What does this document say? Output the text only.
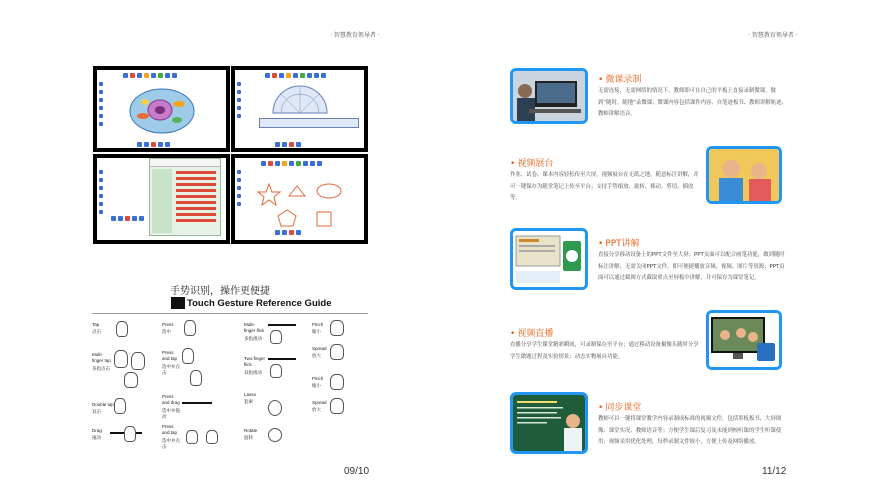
· 智慧教育领导者 ·
手势识别，操作更便捷
Touch Gesture Reference Guide
Tap
点击
Multi-finger tap
多指点击
Double tap
双击
Drag
拖动
Press
选中
Press and tap
选中并点击
Press and drag
选中并拖动
Press and tap
选中并点击
Multi-finger flick
多指滑动
Two-finger flick
双指滑动
Lasso
套索
Rotate
旋转
Pinch
缩小
Spread
放大
Pinch
缩小
Spread
放大
09/10
· 智慧教育领导者 ·
• 微课录制
无需连接，无需网络的情况下，教师即可在自己的平板上直接录制微课，做到“随时，随地”录微课；微课内容包括课件内容、自笔迹板书、教师讲解轨迹、教师讲解语音。
• 视频展台
作业、试卷、课本内容轻松传至大屏，视频展台在无纸之地。随意标注讲解，并可一键保存为随堂笔记上传至平台；支持手势缩放、旋转、移动、剪切、插放等。
• PPT讲解
直接分享移动设备上的PPT文件至大屏；PPT页面可以配合画笔功能，做到随时标注讲解；无需关闭PPT文件，即可便捷播放音频、视频、图片等资源；PPT页面可以通过截图方式截取重点至屏板中讲解，并可保存为课堂笔记。
• 视频直播
直播分享学生课堂精彩瞬间，可录制保存至平台；通过移动设备摄像头随时分享学生做题过程及实验情景；动态实物展台功能。
• 同步课堂
教师可以一键将课堂教学内容录制成标准的视频文件，包括黑板板书、大屏图像、课堂实况、教师语音等；方便学生课后复习及未能到校听课的学生听课使用；视频采用优化处理，每秒录制文件较小，方便上传及网络播放。
11/12
